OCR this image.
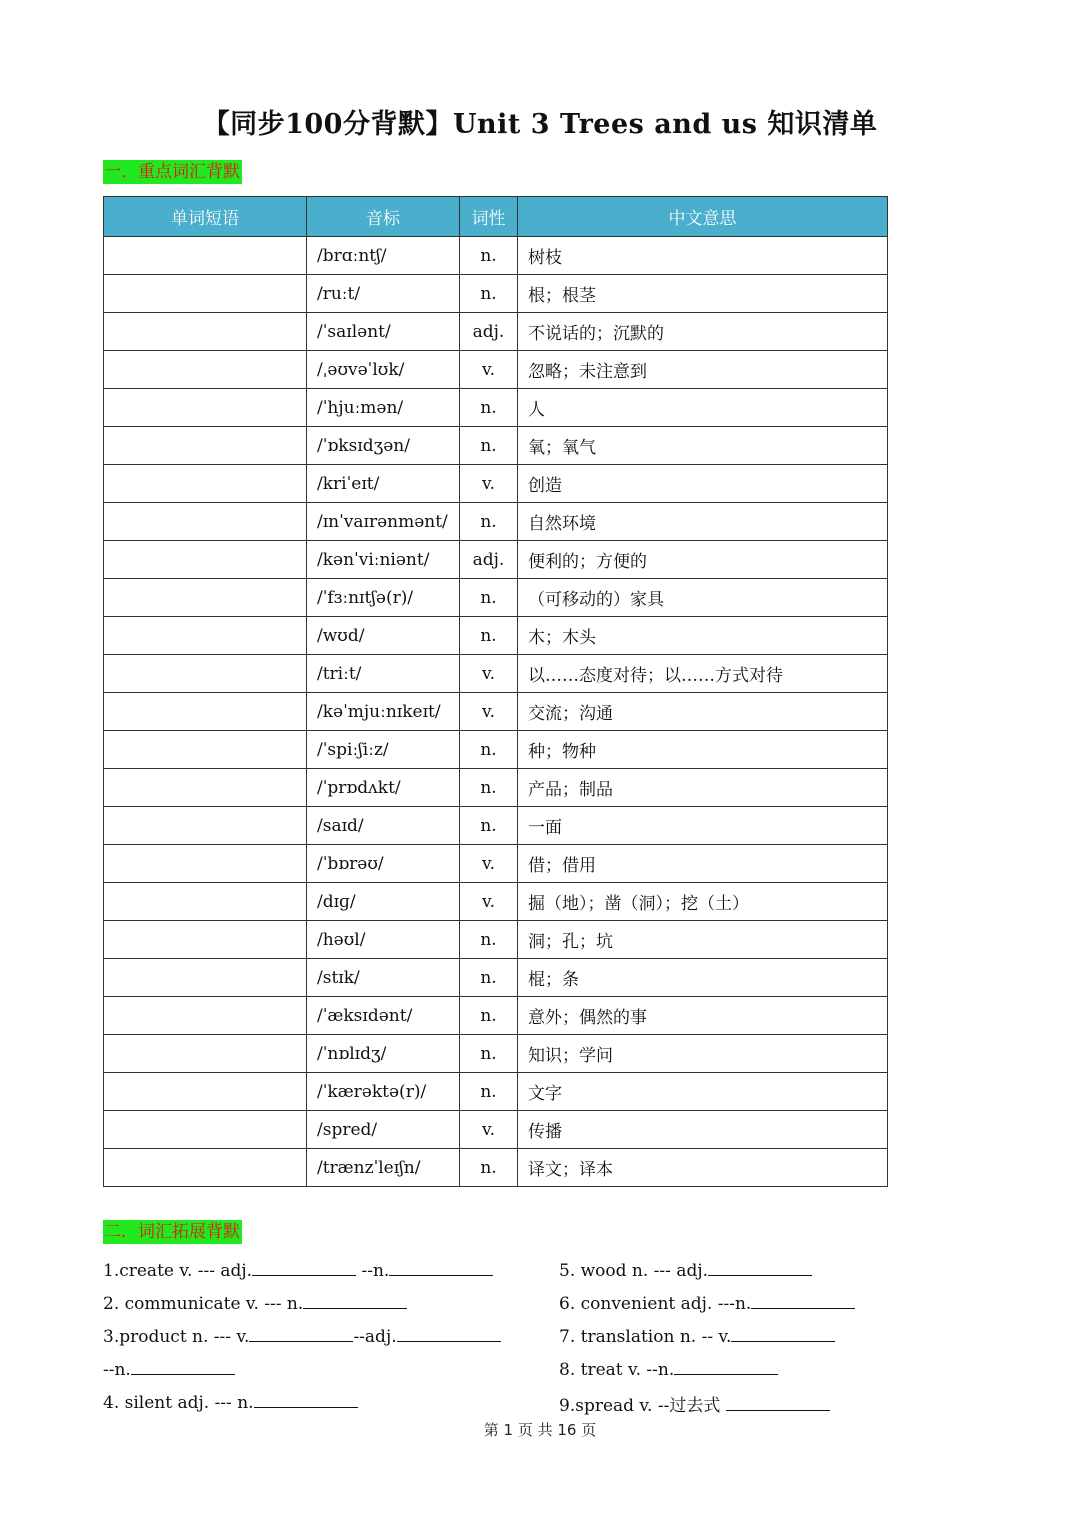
【同步100分背默】Unit 3 Trees and us 知识清单
一．重点词汇背默
单词短语	音标	词性	中文意思
	/brɑːntʃ/	n.	树枝
	/ruːt/	n.	根；根茎
	/ˈsaɪlənt/	adj.	不说话的；沉默的
	/ˌəʊvəˈlʊk/	v.	忽略；未注意到
	/ˈhjuːmən/	n.	人
	/ˈɒksɪdʒən/	n.	氧；氧气
	/kriˈeɪt/	v.	创造
	/ɪnˈvaɪrənmənt/	n.	自然环境
	/kənˈviːniənt/	adj.	便利的；方便的
	/ˈfɜːnɪtʃə(r)/	n.	（可移动的）家具
	/wʊd/	n.	木；木头
	/triːt/	v.	以……态度对待；以……方式对待
	/kəˈmjuːnɪkeɪt/	v.	交流；沟通
	/ˈspiːʃiːz/	n.	种；物种
	/ˈprɒdʌkt/	n.	产品；制品
	/saɪd/	n.	一面
	/ˈbɒrəʊ/	v.	借；借用
	/dɪɡ/	v.	掘（地）；凿（洞）；挖（土）
	/həʊl/	n.	洞；孔；坑
	/stɪk/	n.	棍；条
	/ˈæksɪdənt/	n.	意外；偶然的事
	/ˈnɒlɪdʒ/	n.	知识；学问
	/ˈkærəktə(r)/	n.	文字
	/spred/	v.	传播
	/trænzˈleɪʃn/	n.	译文；译本
二．词汇拓展背默
1.create v. --- adj.	--n.
2. communicate v. --- n.
3.product n. --- v.	--adj.
--n.
4. silent adj. --- n.
5. wood n. --- adj.
6. convenient adj. ---n.
7. translation n. -- v.
8. treat v. --n.
9.spread v. --过去式
第 1 页 共 16 页
